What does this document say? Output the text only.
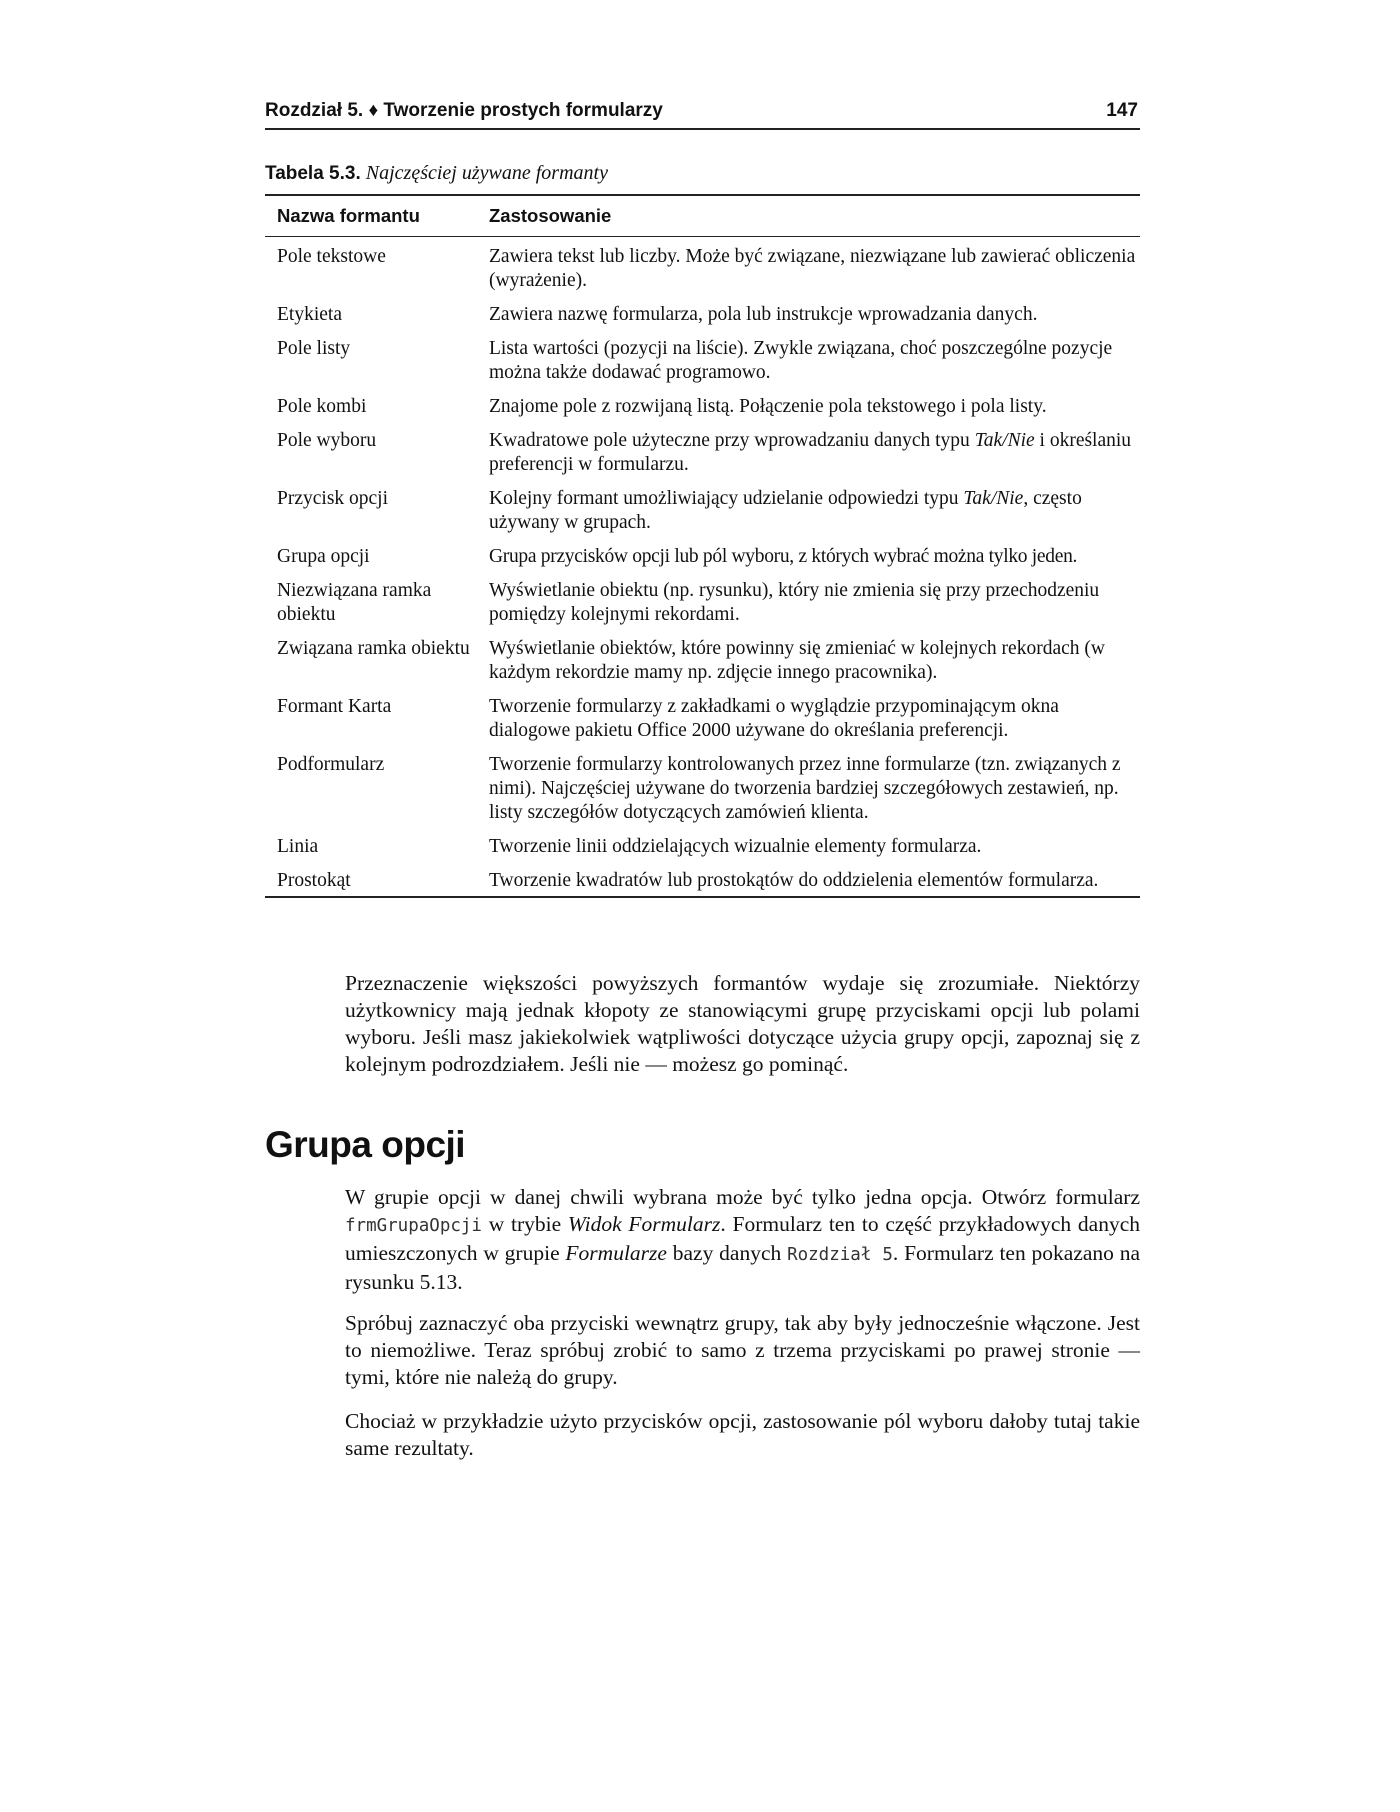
Rozdział 5. ♦ Tworzenie prostych formularzy	147
Tabela 5.3. Najczęściej używane formanty
Nazwa formantu	Zastosowanie
Pole tekstowe	Zawiera tekst lub liczby. Może być związane, niezwiązane lub zawierać obliczenia (wyrażenie).
Etykieta	Zawiera nazwę formularza, pola lub instrukcje wprowadzania danych.
Pole listy	Lista wartości (pozycji na liście). Zwykle związana, choć poszczególne pozycje można także dodawać programowo.
Pole kombi	Znajome pole z rozwijaną listą. Połączenie pola tekstowego i pola listy.
Pole wyboru	Kwadratowe pole użyteczne przy wprowadzaniu danych typu Tak/Nie i określaniu preferencji w formularzu.
Przycisk opcji	Kolejny formant umożliwiający udzielanie odpowiedzi typu Tak/Nie, często używany w grupach.
Grupa opcji	Grupa przycisków opcji lub pól wyboru, z których wybrać można tylko jeden.
Niezwiązana ramka obiektu	Wyświetlanie obiektu (np. rysunku), który nie zmienia się przy przechodzeniu pomiędzy kolejnymi rekordami.
Związana ramka obiektu	Wyświetlanie obiektów, które powinny się zmieniać w kolejnych rekordach (w każdym rekordzie mamy np. zdjęcie innego pracownika).
Formant Karta	Tworzenie formularzy z zakładkami o wyglądzie przypominającym okna dialogowe pakietu Office 2000 używane do określania preferencji.
Podformularz	Tworzenie formularzy kontrolowanych przez inne formularze (tzn. związanych z nimi). Najczęściej używane do tworzenia bardziej szczegółowych zestawień, np. listy szczegółów dotyczących zamówień klienta.
Linia	Tworzenie linii oddzielających wizualnie elementy formularza.
Prostokąt	Tworzenie kwadratów lub prostokątów do oddzielenia elementów formularza.

Przeznaczenie większości powyższych formantów wydaje się zrozumiałe. Niektórzy użytkownicy mają jednak kłopoty ze stanowiącymi grupę przyciskami opcji lub polami wyboru. Jeśli masz jakiekolwiek wątpliwości dotyczące użycia grupy opcji, zapoznaj się z kolejnym podrozdziałem. Jeśli nie — możesz go pominąć.

Grupa opcji

W grupie opcji w danej chwili wybrana może być tylko jedna opcja. Otwórz formularz frmGrupaOpcji w trybie Widok Formularz. Formularz ten to część przykładowych danych umieszczonych w grupie Formularze bazy danych Rozdział 5. Formularz ten pokazano na rysunku 5.13.

Spróbuj zaznaczyć oba przyciski wewnątrz grupy, tak aby były jednocześnie włączone. Jest to niemożliwe. Teraz spróbuj zrobić to samo z trzema przyciskami po prawej stronie — tymi, które nie należą do grupy.

Chociaż w przykładzie użyto przycisków opcji, zastosowanie pól wyboru dałoby tutaj takie same rezultaty.
